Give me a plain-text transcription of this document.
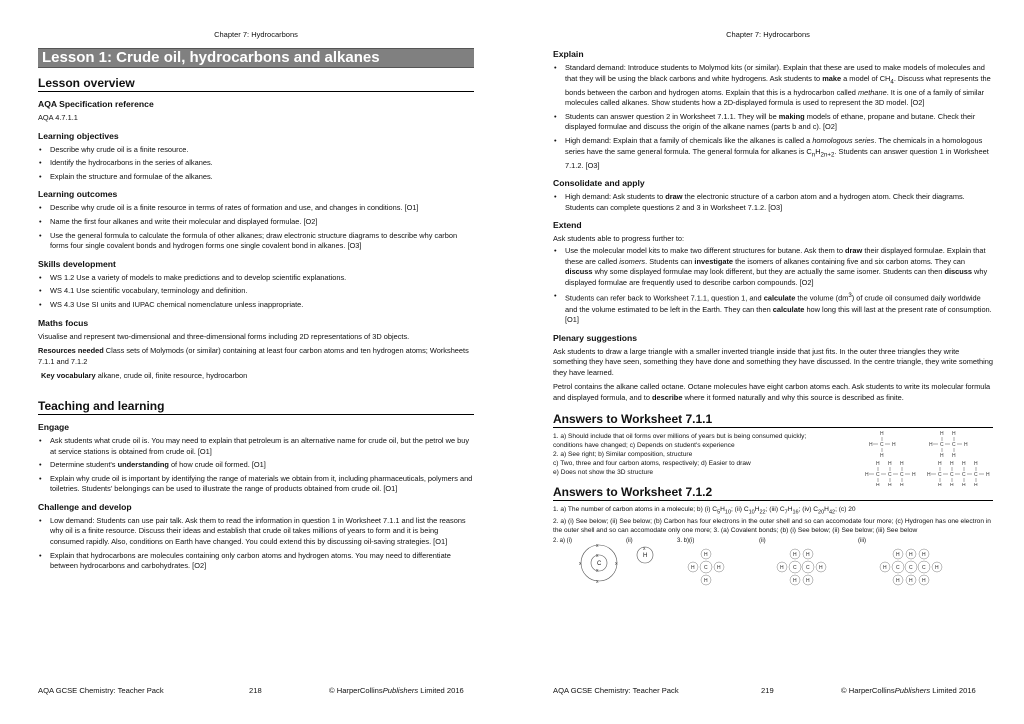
Chapter 7: Hydrocarbons
Lesson 1: Crude oil, hydrocarbons and alkanes
Lesson overview
AQA Specification reference
AQA 4.7.1.1
Learning objectives
• Describe why crude oil is a finite resource.
• Identify the hydrocarbons in the series of alkanes.
• Explain the structure and formulae of the alkanes.
Learning outcomes
• Describe why crude oil is a finite resource in terms of rates of formation and use, and changes in conditions. [O1]
• Name the first four alkanes and write their molecular and displayed formulae. [O2]
• Use the general formula to calculate the formula of other alkanes; draw electronic structure diagrams to describe why carbon forms four single covalent bonds and hydrogen forms one single covalent bond in alkanes. [O3]
Skills development
• WS 1.2 Use a variety of models to make predictions and to develop scientific explanations.
• WS 4.1 Use scientific vocabulary, terminology and definition.
• WS 4.3 Use SI units and IUPAC chemical nomenclature unless inappropriate.
Maths focus
Visualise and represent two-dimensional and three-dimensional forms including 2D representations of 3D objects.
Resources needed Class sets of Molymods (or similar) containing at least four carbon atoms and ten hydrogen atoms; Worksheets 7.1.1 and 7.1.2
Key vocabulary alkane, crude oil, finite resource, hydrocarbon
Teaching and learning
Engage
• Ask students what crude oil is. You may need to explain that petroleum is an alternative name for crude oil, but the petrol we buy at service stations is obtained from crude oil. [O1]
• Determine student's understanding of how crude oil formed. [O1]
• Explain why crude oil is important by identifying the range of materials we obtain from it, including pharmaceuticals, polymers and toiletries. Students' belongings can be used to illustrate the range of products obtained from crude oil. [O1]
Challenge and develop
• Low demand: Students can use pair talk. Ask them to read the information in question 1 in Worksheet 7.1.1 and list the reasons why oil is a finite resource. Discuss their ideas and establish that crude oil takes millions of years to form and it is being consumed rapidly. Also, conditions on Earth have changed. You could extend this by discussing oil-saving strategies. [O1]
• Explain that hydrocarbons are molecules containing only carbon atoms and hydrogen atoms. You may need to differentiate between hydrocarbons and carbohydrates. [O2]
AQA GCSE Chemistry: Teacher Pack	218	© HarperCollinsPublishers Limited 2016
Chapter 7: Hydrocarbons
Explain
• Standard demand: Introduce students to Molymod kits (or similar). Explain that these are used to make models of molecules and that they will be using the black carbons and white hydrogens. Ask students to make a model of $CH_4$. Discuss what represents the bonds between the carbon and hydrogen atoms. Explain that this is a hydrocarbon called methane. It is one of a family of similar molecules called alkanes. Show students how a 2D-displayed formula is used to represent the 3D model. [O2]
• Students can answer question 2 in Worksheet 7.1.1. They will be making models of ethane, propane and butane. Check their displayed formulae and discuss the origin of the alkane names (parts b and c). [O2]
• High demand: Explain that a family of chemicals like the alkanes is called a homologous series. The chemicals in a homologous series have the same general formula. The general formula for alkanes is $C_nH_{2n+2}$. Students can answer question 1 in Worksheet 7.1.2. [O3]
Consolidate and apply
• High demand: Ask students to draw the electronic structure of a carbon atom and a hydrogen atom. Check their diagrams. Students can complete questions 2 and 3 in Worksheet 7.1.2. [O3]
Extend
Ask students able to progress further to:
• Use the molecular model kits to make two different structures for butane. Ask them to draw their displayed formulae. Explain that these are called isomers. Students can investigate the isomers of alkanes containing five and six carbon atoms. They can discuss why some displayed formulae may look different, but they are actually the same isomer. Students can then discuss why displayed formulae are frequently used to describe carbon compounds. [O2]
• Students can refer back to Worksheet 7.1.1, question 1, and calculate the volume $(dm^3)$ of crude oil consumed daily worldwide and the volume estimated to be left in the Earth. They can then calculate how long this will last at the present rate of consumption. [O1]
Plenary suggestions
Ask students to draw a large triangle with a smaller inverted triangle inside that just fits. In the outer three triangles they write something they have seen, something they have done and something they have discussed. In the centre triangle, they write something they have learned.
Petrol contains the alkane called octane. Octane molecules have eight carbon atoms each. Ask students to write its molecular formula and displayed formula, and to describe where it formed naturally and why this source is described as finite.
Answers to Worksheet 7.1.1
1. a) Should include that oil forms over millions of years but is being consumed quickly;
conditions have changed; c) Depends on student's experience
2. a) See right; b) Similar composition, structure
c) Two, three and four carbon atoms, respectively; d) Easier to draw
e) Does not show the 3D structure
H C
H
H
H	H C
H
H
C
H
H
H
H C
H
H
C
H
H
C
H
H
H H C
H
H
C
H
H
C
H
H
C
H
H
H
Answers to Worksheet 7.1.2
1. a) The number of carbon atoms in a molecule; b) (i) $C_5H_{10}$; (ii) $C_{10}H_{22}$; (iii) $C_7H_{16}$; (iv) $C_{20}H_{42}$; (c) 20
2. a) (i) See below; (ii) See below; (b) Carbon has four electrons in the outer shell and so can accomodate four more; (c) Hydrogen has one electron in the outer shell and so can accomodate only one more; 3. (a) Covalent bonds; (b) (i) See below; (ii) See below; (iii) See below
2. a) (i)	(ii)	3. b)(i)	(ii)	(iii)
C
x
x
x
x
x	x
H
x
C
H
H
H	H	C
H
H
C
H
H
H	H	C
H
H
C
H
H
C
H
H
H	H
AQA GCSE Chemistry: Teacher Pack	219	© HarperCollinsPublishers Limited 2016
